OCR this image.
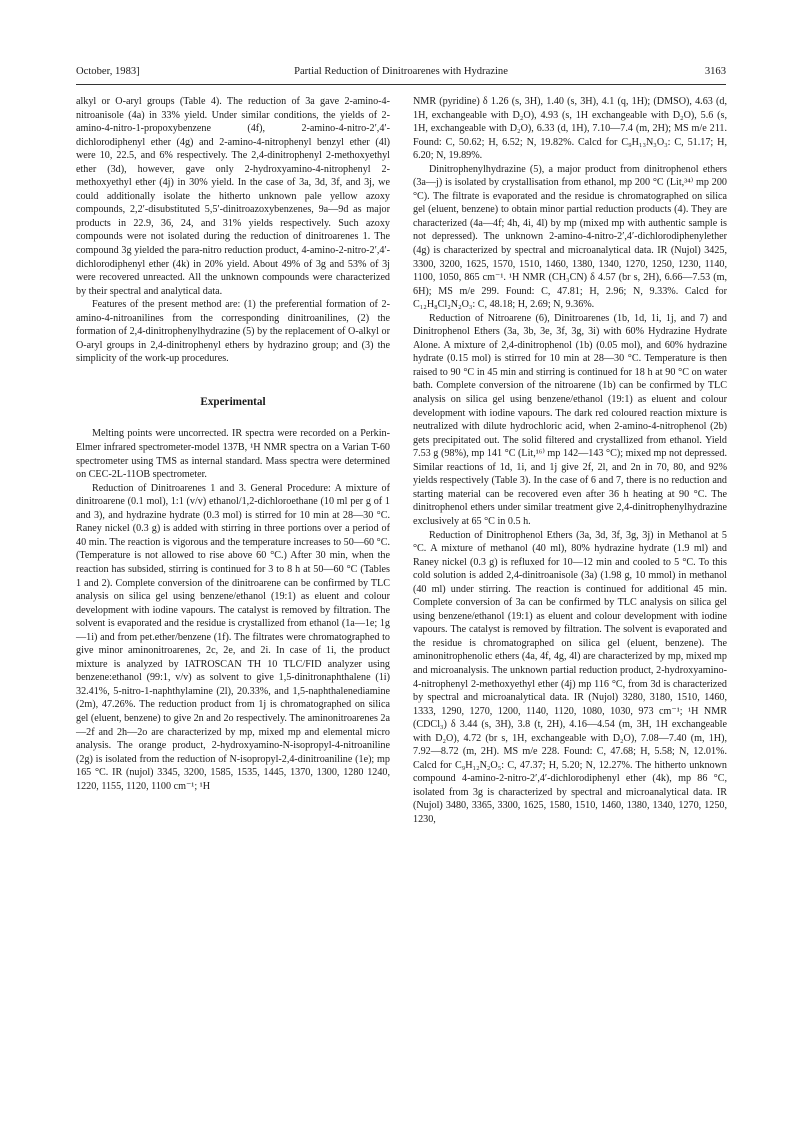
October, 1983]	Partial Reduction of Dinitroarenes with Hydrazine	3163

alkyl or O-aryl groups (Table 4). The reduction of 3a gave 2-amino-4-nitroanisole (4a) in 33% yield. Under similar conditions, the yields of 2-amino-4-nitro-1-propoxybenzene (4f), 2-amino-4-nitro-2′,4′-dichlorodiphenyl ether (4g) and 2-amino-4-nitrophenyl benzyl ether (4l) were 10, 22.5, and 6% respectively. The 2,4-dinitrophenyl 2-methoxyethyl ether (3d), however, gave only 2-hydroxyamino-4-nitrophenyl 2-methoxyethyl ether (4j) in 30% yield. In the case of 3a, 3d, 3f, and 3j, we could additionally isolate the hitherto unknown pale yellow azoxy compounds, 2,2′-disubstituted 5,5′-dinitroazoxybenzenes, 9a—9d as major products in 22.9, 36, 24, and 31% yields respectively. Such azoxy compounds were not isolated during the reduction of dinitroarenes 1. The compound 3g yielded the para-nitro reduction product, 4-amino-2-nitro-2′,4′-dichlorodiphenyl ether (4k) in 20% yield. About 49% of 3g and 53% of 3j were recovered unreacted. All the unknown compounds were characterized by their spectral and analytical data.

Features of the present method are: (1) the preferential formation of 2-amino-4-nitroanilines from the corresponding dinitroanilines, (2) the formation of 2,4-dinitrophenylhydrazine (5) by the replacement of O-alkyl or O-aryl groups in 2,4-dinitrophenyl ethers by hydrazino group; and (3) the simplicity of the work-up procedures.

Experimental

Melting points were uncorrected. IR spectra were recorded on a Perkin-Elmer infrared spectrometer-model 137B, ¹H NMR spectra on a Varian T-60 spectrometer using TMS as internal standard. Mass spectra were determined on CEC-2L-11OB spectrometer.

Reduction of Dinitroarenes 1 and 3. General Procedure: A mixture of dinitroarene (0.1 mol), 1:1 (v/v) ethanol/1,2-dichloroethane (10 ml per g of 1 and 3), and hydrazine hydrate (0.3 mol) is stirred for 10 min at 28—30 °C. Raney nickel (0.3 g) is added with stirring in three portions over a period of 40 min. The reaction is vigorous and the temperature increases to 50—60 °C. (Temperature is not allowed to rise above 60 °C.) After 30 min, when the reaction has subsided, stirring is continued for 3 to 8 h at 50—60 °C (Tables 1 and 2). Complete conversion of the dinitroarene can be confirmed by TLC analysis on silica gel using benzene/ethanol (19:1) as eluent and colour development with iodine vapours. The catalyst is removed by filtration. The solvent is evaporated and the residue is crystallized from ethanol (1a—1e; 1g—1i) and from pet.ether/benzene (1f). The filtrates were chromatographed to give minor aminonitroarenes, 2c, 2e, and 2i. In case of 1i, the product mixture is analyzed by IATROSCAN TH 10 TLC/FID analyzer using benzene:ethanol (99:1, v/v) as solvent to give 1,5-dinitronaphthalene (1i) 32.41%, 5-nitro-1-naphthylamine (2l), 20.33%, and 1,5-naphthalenediamine (2m), 47.26%. The reduction product from 1j is chromatographed on silica gel (eluent, benzene) to give 2n and 2o respectively. The aminonitroarenes 2a—2f and 2h—2o are characterized by mp, mixed mp and elemental micro analysis. The orange product, 2-hydroxyamino-N-isopropyl-4-nitroaniline (2g) is isolated from the reduction of N-isopropyl-2,4-dinitroaniline (1e); mp 165 °C. IR (nujol) 3345, 3200, 1585, 1535, 1445, 1370, 1300, 1280 1240, 1220, 1155, 1120, 1100 cm⁻¹; ¹H

NMR (pyridine) δ 1.26 (s, 3H), 1.40 (s, 3H), 4.1 (q, 1H); (DMSO), 4.63 (d, 1H, exchangeable with D₂O), 4.93 (s, 1H exchangeable with D₂O), 5.6 (s, 1H, exchangeable with D₂O), 6.33 (d, 1H), 7.10—7.4 (m, 2H); MS m/e 211. Found: C, 50.62; H, 6.52; N, 19.82%. Calcd for C₉H₁₃N₃O₃: C, 51.17; H, 6.20; N, 19.89%.

Dinitrophenylhydrazine (5), a major product from dinitrophenol ethers (3a—j) is isolated by crystallisation from ethanol, mp 200 °C (Lit,³⁴⁾ mp 200 °C). The filtrate is evaporated and the residue is chromatographed on silica gel (eluent, benzene) to obtain minor partial reduction products (4). They are characterized (4a—4f; 4h, 4i, 4l) by mp (mixed mp with authentic sample is not depressed). The unknown 2-amino-4-nitro-2′,4′-dichlorodiphenylether (4g) is characterized by spectral and microanalytical data. IR (Nujol) 3425, 3300, 3200, 1625, 1570, 1510, 1460, 1380, 1340, 1270, 1250, 1230, 1140, 1100, 1050, 865 cm⁻¹. ¹H NMR (CH₃CN) δ 4.57 (br s, 2H), 6.66—7.53 (m, 6H); MS m/e 299. Found: C, 47.81; H, 2.96; N, 9.33%. Calcd for C₁₂H₈Cl₂N₂O₃: C, 48.18; H, 2.69; N, 9.36%.

Reduction of Nitroarene (6), Dinitroarenes (1b, 1d, 1i, 1j, and 7) and Dinitrophenol Ethers (3a, 3b, 3e, 3f, 3g, 3i) with 60% Hydrazine Hydrate Alone. A mixture of 2,4-dinitrophenol (1b) (0.05 mol), and 60% hydrazine hydrate (0.15 mol) is stirred for 10 min at 28—30 °C. Temperature is then raised to 90 °C in 45 min and stirring is continued for 18 h at 90 °C on water bath. Complete conversion of the nitroarene (1b) can be confirmed by TLC analysis on silica gel using benzene/ethanol (19:1) as eluent and colour development with iodine vapours. The dark red coloured reaction mixture is neutralized with dilute hydrochloric acid, when 2-amino-4-nitrophenol (2b) gets precipitated out. The solid filtered and crystallized from ethanol. Yield 7.53 g (98%), mp 141 °C (Lit,¹⁶⁾ mp 142—143 °C); mixed mp not depressed. Similar reactions of 1d, 1i, and 1j give 2f, 2l, and 2n in 70, 80, and 92% yields respectively (Table 3). In the case of 6 and 7, there is no reduction and starting material can be recovered even after 36 h heating at 90 °C. The dinitrophenol ethers under similar treatment give 2,4-dinitrophenylhydrazine exclusively at 65 °C in 0.5 h.

Reduction of Dinitrophenol Ethers (3a, 3d, 3f, 3g, 3j) in Methanol at 5 °C. A mixture of methanol (40 ml), 80% hydrazine hydrate (1.9 ml) and Raney nickel (0.3 g) is refluxed for 10—12 min and cooled to 5 °C. To this cold solution is added 2,4-dinitroanisole (3a) (1.98 g, 10 mmol) in methanol (40 ml) under stirring. The reaction is continued for additional 45 min. Complete conversion of 3a can be confirmed by TLC analysis on silica gel using benzene/ethanol (19:1) as eluent and colour development with iodine vapours. The catalyst is removed by filtration. The solvent is evaporated and the residue is chromatographed on silica gel (eluent, benzene). The aminonitrophenolic ethers (4a, 4f, 4g, 4l) are characterized by mp, mixed mp and microanalysis. The unknown partial reduction product, 2-hydroxyamino-4-nitrophenyl 2-methoxyethyl ether (4j) mp 116 °C, from 3d is characterized by spectral and microanalytical data. IR (Nujol) 3280, 3180, 1510, 1460, 1333, 1290, 1270, 1200, 1140, 1120, 1080, 1030, 973 cm⁻¹; ¹H NMR (CDCl₃) δ 3.44 (s, 3H), 3.8 (t, 2H), 4.16—4.54 (m, 3H, 1H exchangeable with D₂O), 4.72 (br s, 1H, exchangeable with D₂O), 7.08—7.40 (m, 1H), 7.92—8.72 (m, 2H). MS m/e 228. Found: C, 47.68; H, 5.58; N, 12.01%. Calcd for C₉H₁₂N₂O₅: C, 47.37; H, 5.20; N, 12.27%. The hitherto unknown compound 4-amino-2-nitro-2′,4′-dichlorodiphenyl ether (4k), mp 86 °C, isolated from 3g is characterized by spectral and microanalytical data. IR (Nujol) 3480, 3365, 3300, 1625, 1580, 1510, 1460, 1380, 1340, 1270, 1250, 1230,
